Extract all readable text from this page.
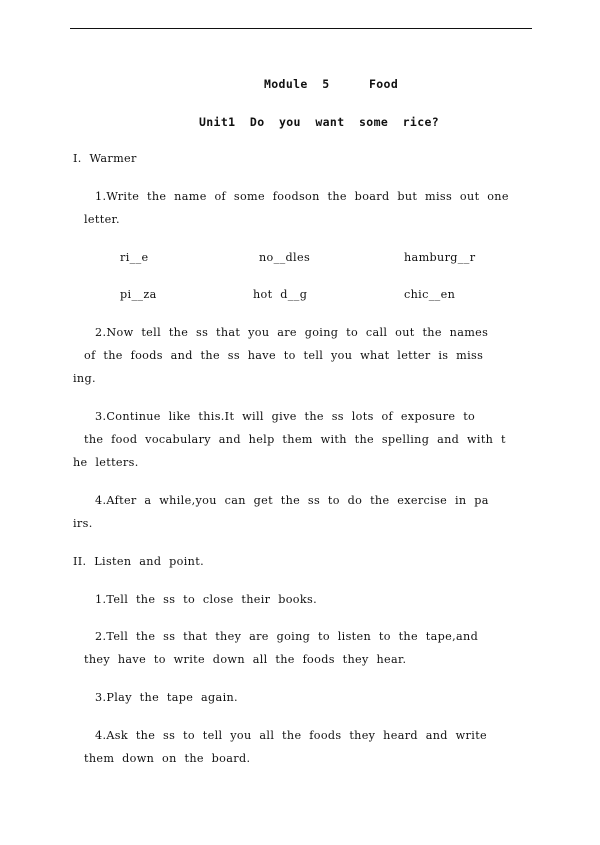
Module  5	Food
Unit1  Do  you  want  some  rice?
I.  Warmer
1.Write  the  name  of  some  foodson  the  board  but  miss  out  one
letter.
ri__e	no__dles	hamburg__r
pi__za	hot  d__g	chic__en
2.Now  tell  the  ss  that  you  are  going  to  call  out  the  names
of  the  foods  and  the  ss  have  to  tell  you  what  letter  is  miss
ing.
3.Continue  like  this.It  will  give  the  ss  lots  of  exposure  to
the  food  vocabulary  and  help  them  with  the  spelling  and  with  t
he  letters.
4.After  a  while,you  can  get  the  ss  to  do  the  exercise  in  pa
irs.
II.  Listen  and  point.
1.Tell  the  ss  to  close  their  books.
2.Tell  the  ss  that  they  are  going  to  listen  to  the  tape,and
they  have  to  write  down  all  the  foods  they  hear.
3.Play  the  tape  again.
4.Ask  the  ss  to  tell  you  all  the  foods  they  heard  and  write
them  down  on  the  board.
